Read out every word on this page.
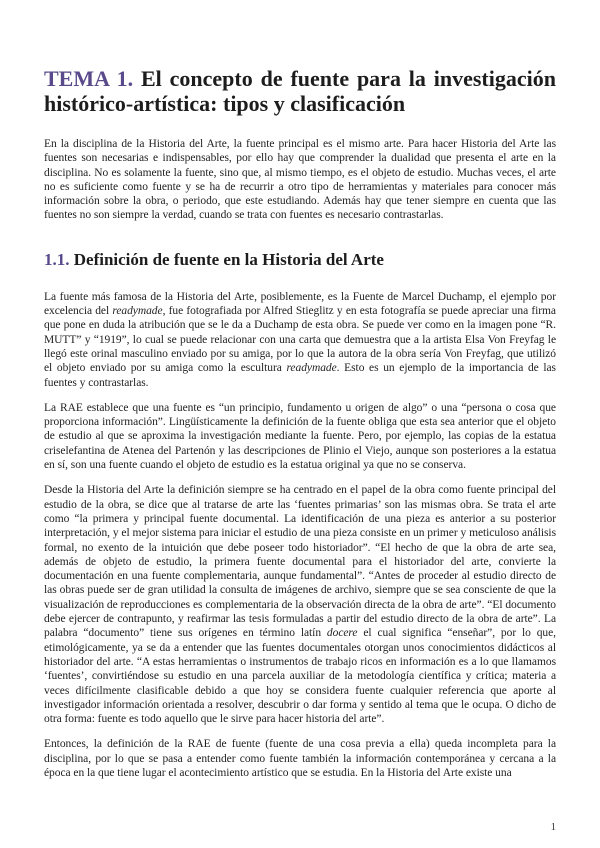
TEMA 1. El concepto de fuente para la investigación histórico-artística: tipos y clasificación

En la disciplina de la Historia del Arte, la fuente principal es el mismo arte. Para hacer Historia del Arte las fuentes son necesarias e indispensables, por ello hay que comprender la dualidad que presenta el arte en la disciplina. No es solamente la fuente, sino que, al mismo tiempo, es el objeto de estudio. Muchas veces, el arte no es suficiente como fuente y se ha de recurrir a otro tipo de herramientas y materiales para conocer más información sobre la obra, o periodo, que este estudiando. Además hay que tener siempre en cuenta que las fuentes no son siempre la verdad, cuando se trata con fuentes es necesario contrastarlas.

1.1. Definición de fuente en la Historia del Arte

La fuente más famosa de la Historia del Arte, posiblemente, es la Fuente de Marcel Duchamp, el ejemplo por excelencia del readymade, fue fotografiada por Alfred Stieglitz y en esta fotografía se puede apreciar una firma que pone en duda la atribución que se le da a Duchamp de esta obra. Se puede ver como en la imagen pone “R. MUTT” y “1919”, lo cual se puede relacionar con una carta que demuestra que a la artista Elsa Von Freyfag le llegó este orinal masculino enviado por su amiga, por lo que la autora de la obra sería Von Freyfag, que utilizó el objeto enviado por su amiga como la escultura readymade. Esto es un ejemplo de la importancia de las fuentes y contrastarlas.

La RAE establece que una fuente es “un principio, fundamento u origen de algo” o una “persona o cosa que proporciona información”. Lingüísticamente la definición de la fuente obliga que esta sea anterior que el objeto de estudio al que se aproxima la investigación mediante la fuente. Pero, por ejemplo, las copias de la estatua criselefantina de Atenea del Partenón y las descripciones de Plinio el Viejo, aunque son posteriores a la estatua en sí, son una fuente cuando el objeto de estudio es la estatua original ya que no se conserva.

Desde la Historia del Arte la definición siempre se ha centrado en el papel de la obra como fuente principal del estudio de la obra, se dice que al tratarse de arte las ‘fuentes primarias’ son las mismas obra. Se trata el arte como “la primera y principal fuente documental. La identificación de una pieza es anterior a su posterior interpretación, y el mejor sistema para iniciar el estudio de una pieza consiste en un primer y meticuloso análisis formal, no exento de la intuición que debe poseer todo historiador”. “El hecho de que la obra de arte sea, además de objeto de estudio, la primera fuente documental para el historiador del arte, convierte la documentación en una fuente complementaria, aunque fundamental”. “Antes de proceder al estudio directo de las obras puede ser de gran utilidad la consulta de imágenes de archivo, siempre que se sea consciente de que la visualización de reproducciones es complementaria de la observación directa de la obra de arte”. “El documento debe ejercer de contrapunto, y reafirmar las tesis formuladas a partir del estudio directo de la obra de arte”. La palabra “documento” tiene sus orígenes en término latín docere el cual significa “enseñar”, por lo que, etimológicamente, ya se da a entender que las fuentes documentales otorgan unos conocimientos didácticos al historiador del arte. “A estas herramientas o instrumentos de trabajo ricos en información es a lo que llamamos ‘fuentes’, convirtiéndose su estudio en una parcela auxiliar de la metodología científica y crítica; materia a veces difícilmente clasificable debido a que hoy se considera fuente cualquier referencia que aporte al investigador información orientada a resolver, descubrir o dar forma y sentido al tema que le ocupa. O dicho de otra forma: fuente es todo aquello que le sirve para hacer historia del arte”.

Entonces, la definición de la RAE de fuente (fuente de una cosa previa a ella) queda incompleta para la disciplina, por lo que se pasa a entender como fuente también la información contemporánea y cercana a la época en la que tiene lugar el acontecimiento artístico que se estudia. En la Historia del Arte existe una

1
